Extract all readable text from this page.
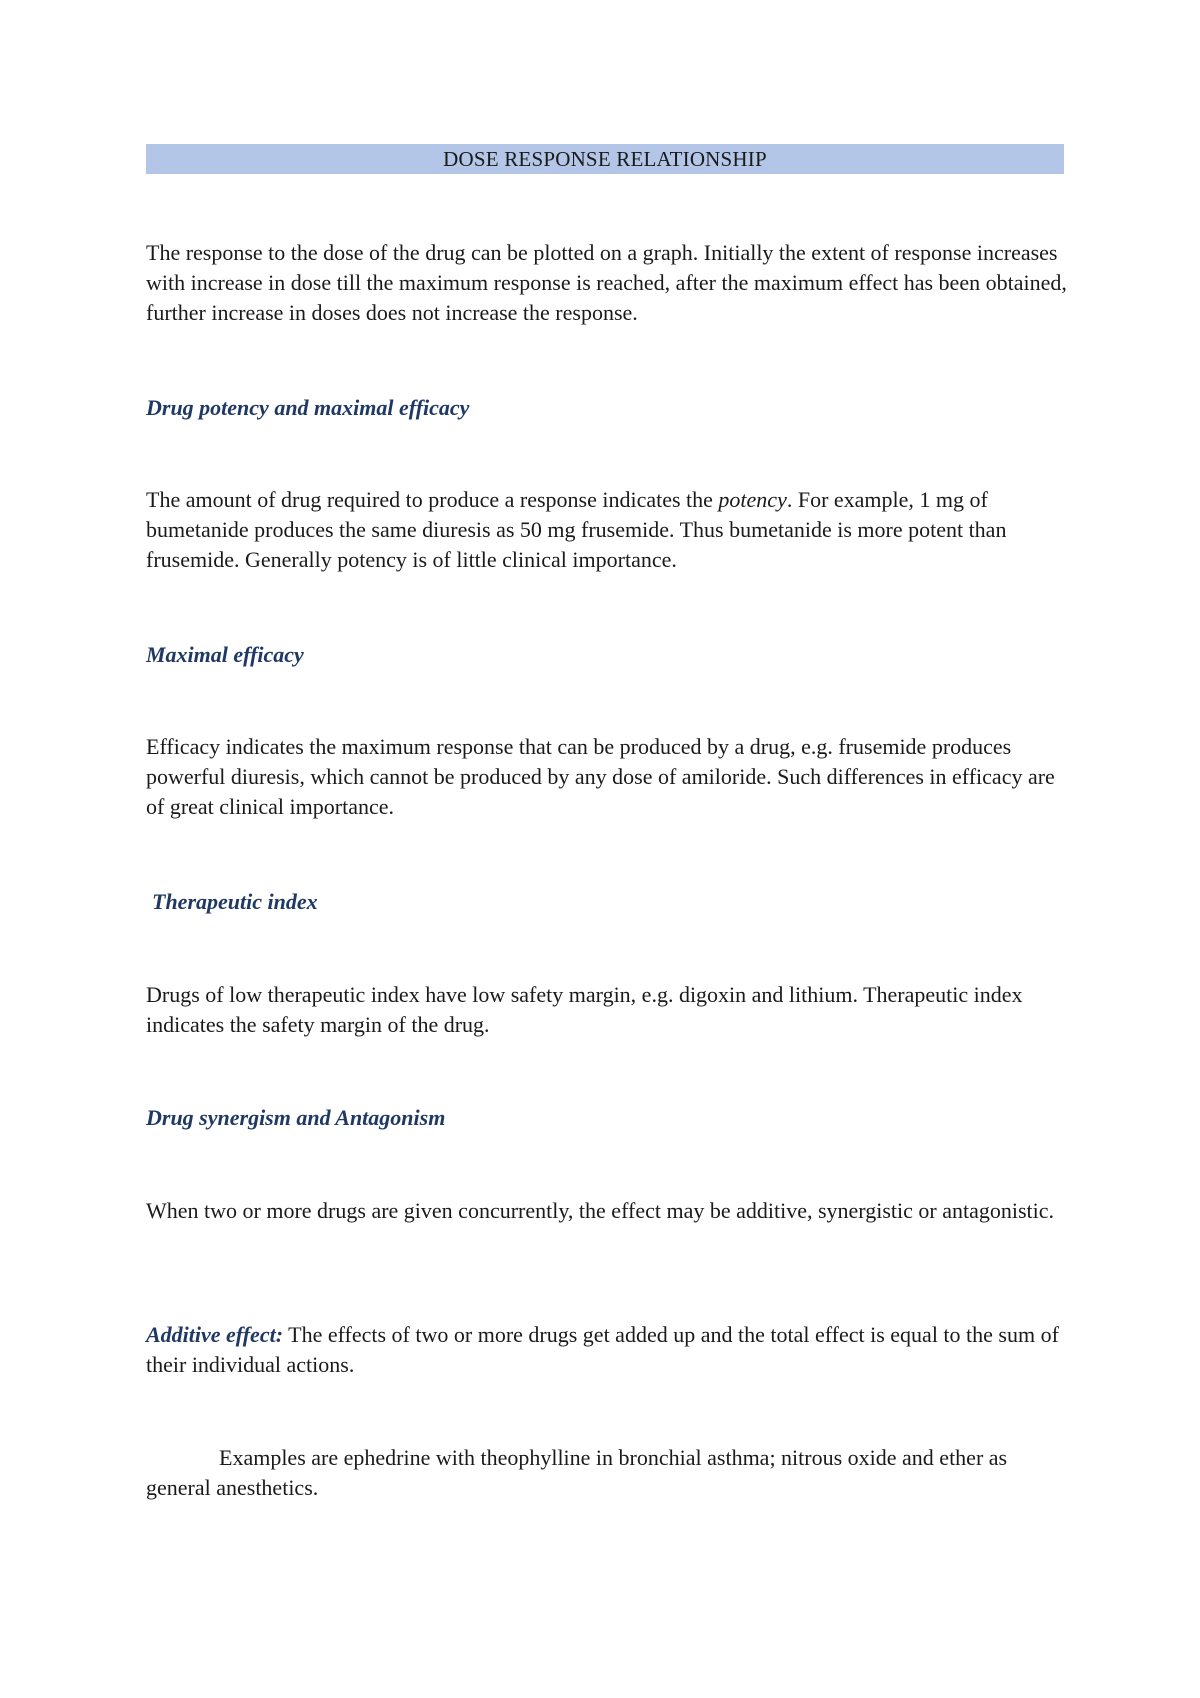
DOSE RESPONSE RELATIONSHIP

The response to the dose of the drug can be plotted on a graph. Initially the extent of response increases with increase in dose till the maximum response is reached, after the maximum effect has been obtained, further increase in doses does not increase the response.

Drug potency and maximal efficacy

The amount of drug required to produce a response indicates the potency. For example, 1 mg of bumetanide produces the same diuresis as 50 mg frusemide. Thus bumetanide is more potent than frusemide. Generally potency is of little clinical importance.

Maximal efficacy

Efficacy indicates the maximum response that can be produced by a drug, e.g. frusemide produces powerful diuresis, which cannot be produced by any dose of amiloride. Such differences in efficacy are of great clinical importance.

Therapeutic index

Drugs of low therapeutic index have low safety margin, e.g. digoxin and lithium. Therapeutic index indicates the safety margin of the drug.

Drug synergism and Antagonism

When two or more drugs are given concurrently, the effect may be additive, synergistic or antagonistic.

Additive effect: The effects of two or more drugs get added up and the total effect is equal to the sum of their individual actions.

Examples are ephedrine with theophylline in bronchial asthma; nitrous oxide and ether as general anesthetics.
